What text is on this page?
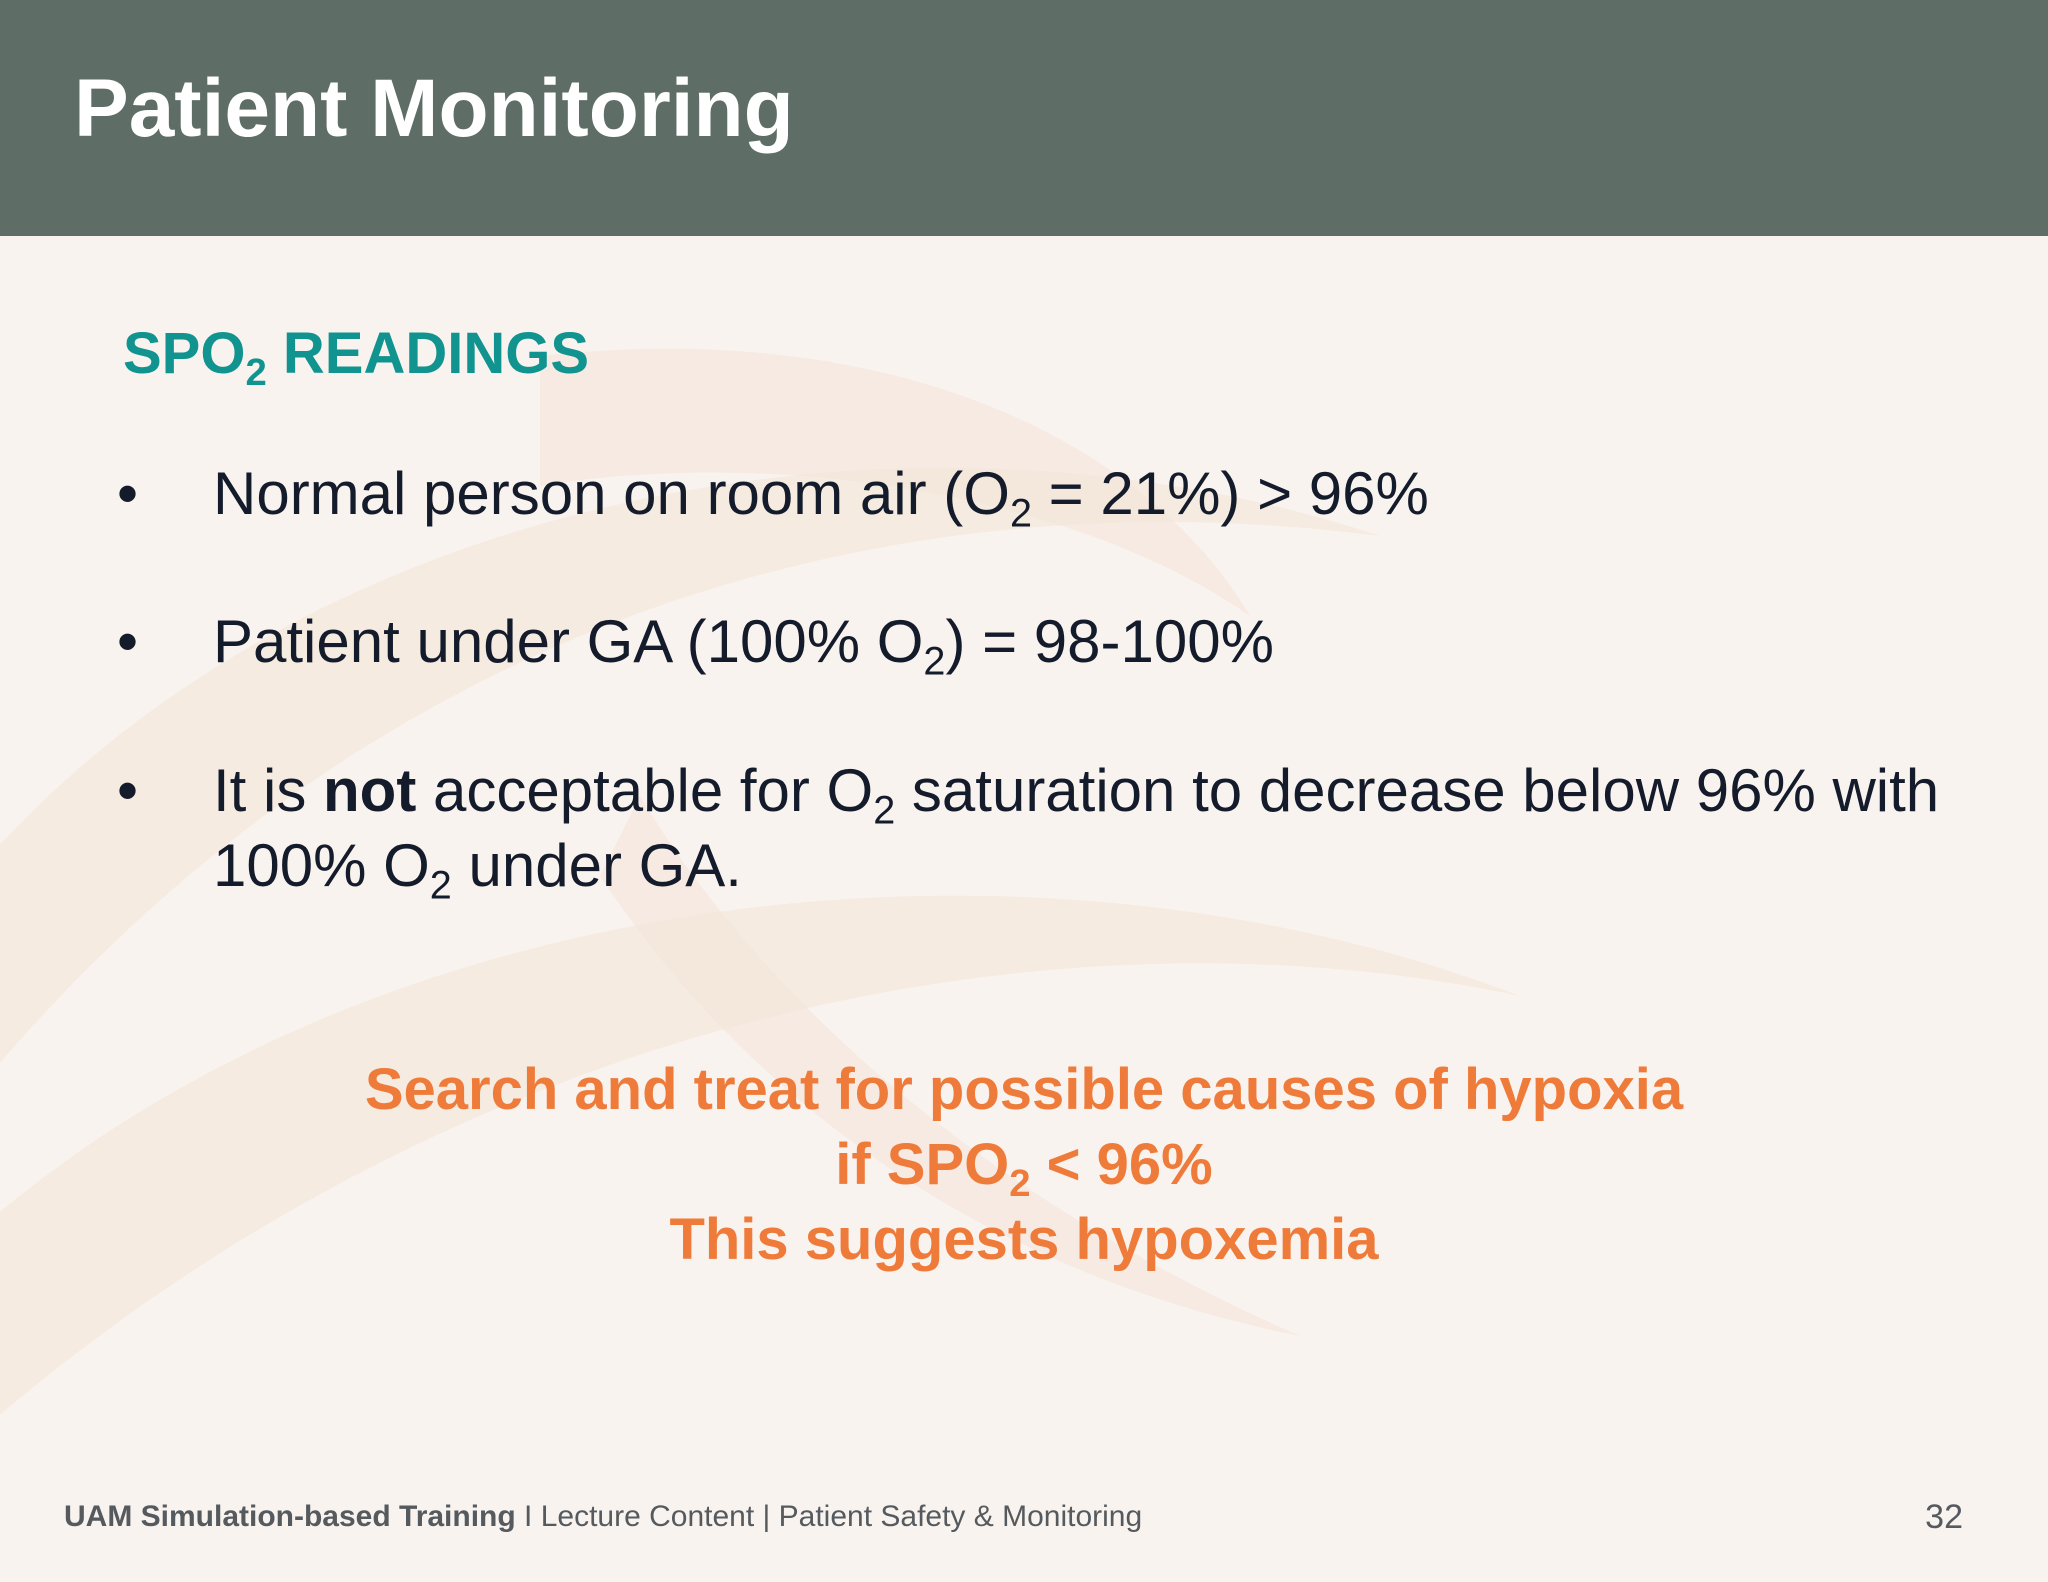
Patient Monitoring
$SPO_2$ READINGS
• Normal person on room air $(O_2 = 21\%) > 96\%$
• Patient under GA (100% $O_2) = 98-100\%$
• It is not acceptable for $O_2$ saturation to decrease below 96% with 100% $O_2$ under GA.
Search and treat for possible causes of hypoxia
if $SPO_2 < 96\%$
This suggests hypoxemia
UAM Simulation-based Training I Lecture Content | Patient Safety & Monitoring	32
